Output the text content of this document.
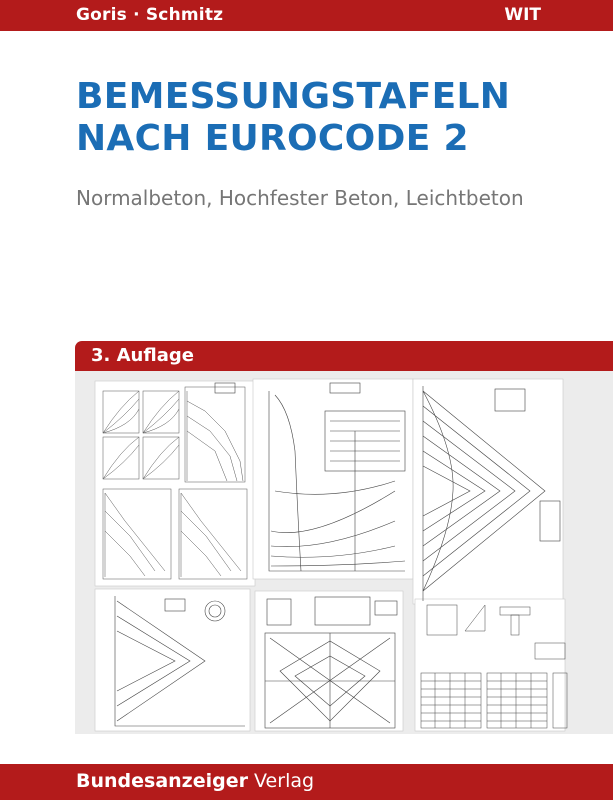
Goris · Schmitz	WIT
BEMESSUNGSTAFELN
NACH EUROCODE 2

Normalbeton, Hochfester Beton, Leichtbeton

3. Auflage
Bundesanzeiger Verlag
